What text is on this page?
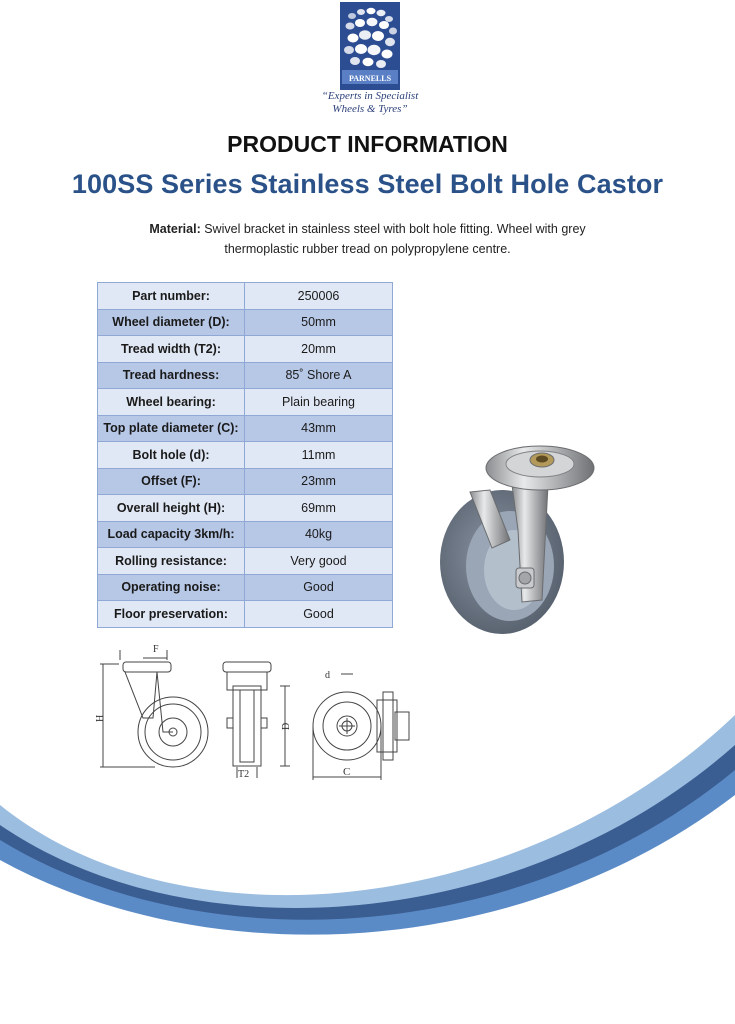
PARNELLS
“Experts in Specialist
Wheels & Tyres”
PRODUCT INFORMATION
100SS Series Stainless Steel Bolt Hole Castor
Material: Swivel bracket in stainless steel with bolt hole fitting. Wheel with grey
thermoplastic rubber tread on polypropylene centre.
Part number:	250006
Wheel diameter (D):	50mm
Tread width (T2):	20mm
Tread hardness:	85˚ Shore A
Wheel bearing:	Plain bearing
Top plate diameter (C):	43mm
Bolt hole (d):	11mm
Offset (F):	23mm
Overall height (H):	69mm
Load capacity 3km/h:	40kg
Rolling resistance:	Very good
Operating noise:	Good
Floor preservation:	Good
F
H
D
T2
d
C
